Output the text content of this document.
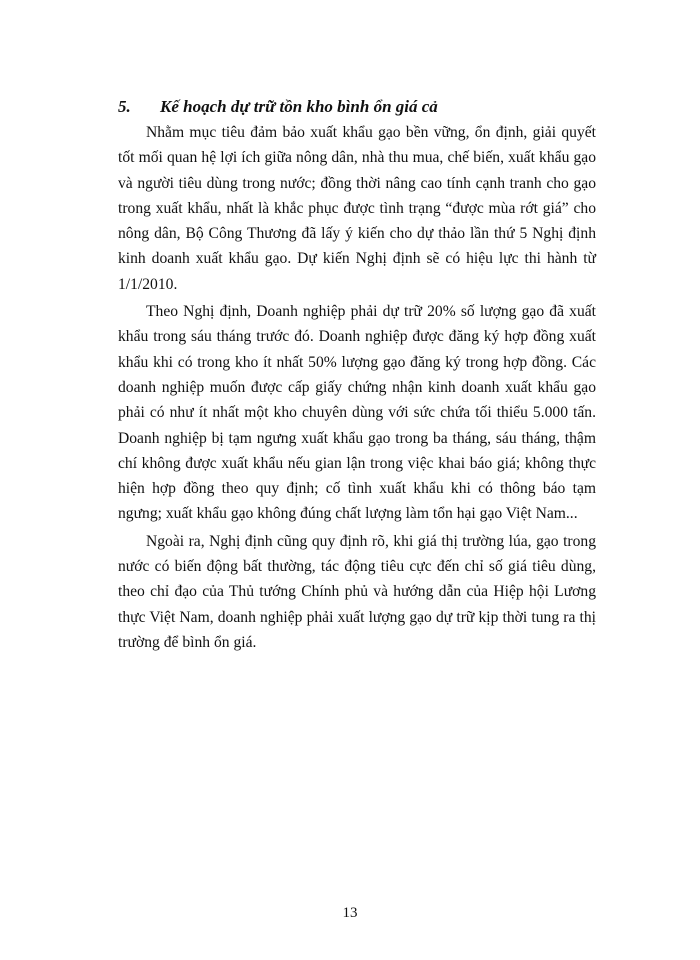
5. Kế hoạch dự trữ tồn kho bình ổn giá cả

Nhằm mục tiêu đảm bảo xuất khẩu gạo bền vững, ổn định, giải quyết tốt mối quan hệ lợi ích giữa nông dân, nhà thu mua, chế biến, xuất khẩu gạo và người tiêu dùng trong nước; đồng thời nâng cao tính cạnh tranh cho gạo trong xuất khẩu, nhất là khắc phục được tình trạng “được mùa rớt giá” cho nông dân, Bộ Công Thương đã lấy ý kiến cho dự thảo lần thứ 5 Nghị định kinh doanh xuất khẩu gạo. Dự kiến Nghị định sẽ có hiệu lực thi hành từ 1/1/2010.

Theo Nghị định, Doanh nghiệp phải dự trữ 20% số lượng gạo đã xuất khẩu trong sáu tháng trước đó. Doanh nghiệp được đăng ký hợp đồng xuất khẩu khi có trong kho ít nhất 50% lượng gạo đăng ký trong hợp đồng. Các doanh nghiệp muốn được cấp giấy chứng nhận kinh doanh xuất khẩu gạo phải có như ít nhất một kho chuyên dùng với sức chứa tối thiểu 5.000 tấn. Doanh nghiệp bị tạm ngưng xuất khẩu gạo trong ba tháng, sáu tháng, thậm chí không được xuất khẩu nếu gian lận trong việc khai báo giá; không thực hiện hợp đồng theo quy định; cố tình xuất khẩu khi có thông báo tạm ngưng; xuất khẩu gạo không đúng chất lượng làm tổn hại gạo Việt Nam...

Ngoài ra, Nghị định cũng quy định rõ, khi giá thị trường lúa, gạo trong nước có biến động bất thường, tác động tiêu cực đến chỉ số giá tiêu dùng, theo chỉ đạo của Thủ tướng Chính phủ và hướng dẫn của Hiệp hội Lương thực Việt Nam, doanh nghiệp phải xuất lượng gạo dự trữ kịp thời tung ra thị trường để bình ổn giá.

13
